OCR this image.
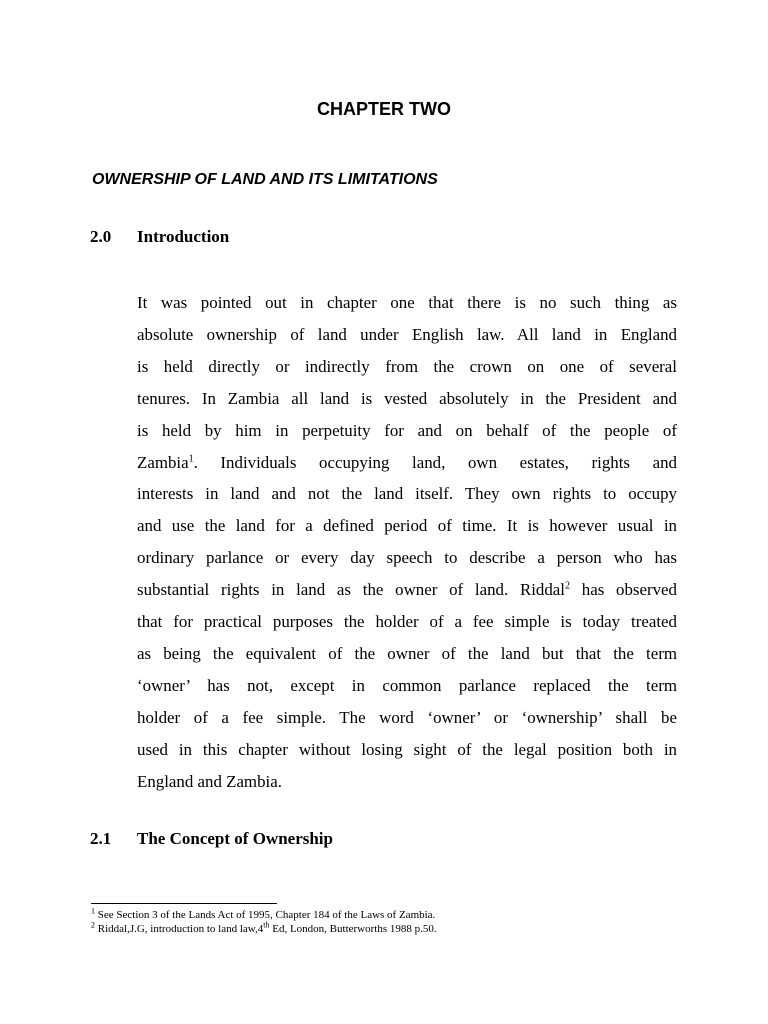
CHAPTER TWO
OWNERSHIP OF LAND AND ITS LIMITATIONS
2.0 Introduction
It was pointed out in chapter one that there is no such thing as
absolute ownership of land under English law. All land in England
is held directly or indirectly from the crown on one of several
tenures. In Zambia all land is vested absolutely in the President and
is held by him in perpetuity for and on behalf of the people of
Zambia$^1$. Individuals occupying land, own estates, rights and
interests in land and not the land itself. They own rights to occupy
and use the land for a defined period of time. It is however usual in
ordinary parlance or every day speech to describe a person who has
substantial rights in land as the owner of land. Riddal$^2$ has observed
that for practical purposes the holder of a fee simple is today treated
as being the equivalent of the owner of the land but that the term
‘owner’ has not, except in common parlance replaced the term
holder of a fee simple. The word ‘owner’ or ‘ownership’ shall be
used in this chapter without losing sight of the legal position both in
England and Zambia.
2.1 The Concept of Ownership

$^1$ See Section 3 of the Lands Act of 1995, Chapter 184 of the Laws of Zambia.

$^2$ Riddal,J.G, introduction to land law,4th Ed, London, Butterworths 1988 p.50.
